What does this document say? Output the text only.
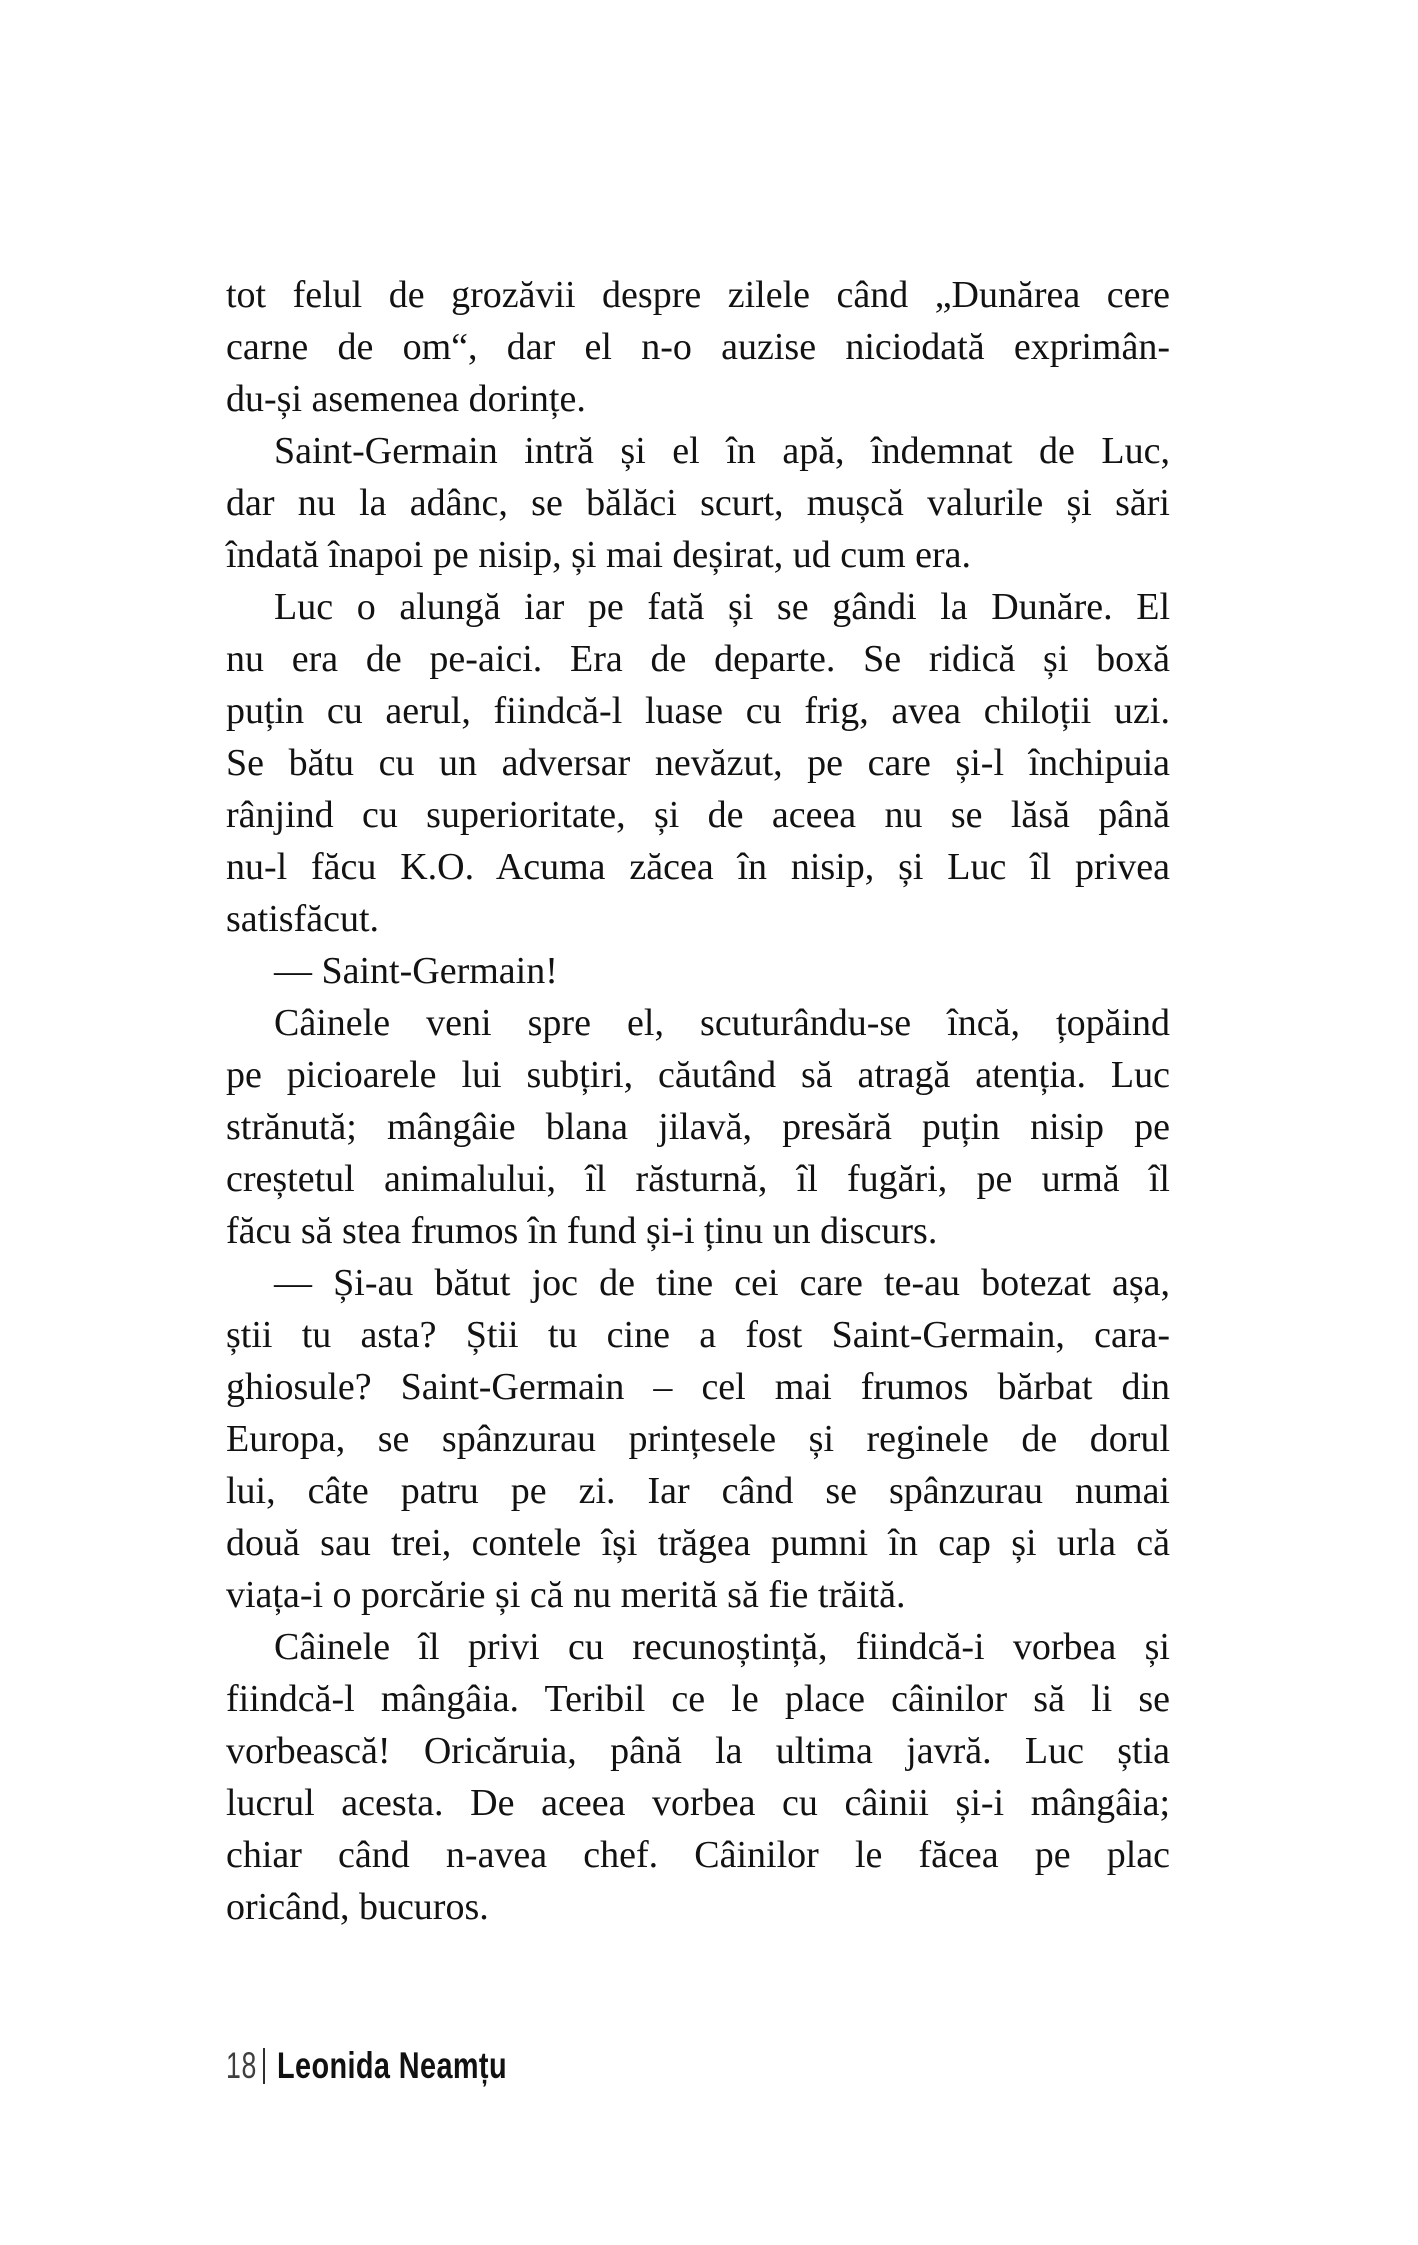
tot felul de grozăvii despre zilele când „Dunărea cere
carne de om“, dar el n-o auzise niciodată exprimân-
du-și asemenea dorințe.
Saint-Germain intră și el în apă, îndemnat de Luc,
dar nu la adânc, se bălăci scurt, mușcă valurile și sări
îndată înapoi pe nisip, și mai deșirat, ud cum era.
Luc o alungă iar pe fată și se gândi la Dunăre. El
nu era de pe-aici. Era de departe. Se ridică și boxă
puțin cu aerul, fiindcă-l luase cu frig, avea chiloții uzi.
Se bătu cu un adversar nevăzut, pe care și-l închipuia
rânjind cu superioritate, și de aceea nu se lăsă până
nu-l făcu K.O. Acuma zăcea în nisip, și Luc îl privea
satisfăcut.
— Saint-Germain!
Câinele veni spre el, scuturându-se încă, țopăind
pe picioarele lui subțiri, căutând să atragă atenția. Luc
strănută; mângâie blana jilavă, presără puțin nisip pe
creștetul animalului, îl răsturnă, îl fugări, pe urmă îl
făcu să stea frumos în fund și-i ținu un discurs.
— Și-au bătut joc de tine cei care te-au botezat așa,
știi tu asta? Știi tu cine a fost Saint-Germain, cara-
ghiosule? Saint-Germain – cel mai frumos bărbat din
Europa, se spânzurau prințesele și reginele de dorul
lui, câte patru pe zi. Iar când se spânzurau numai
două sau trei, contele își trăgea pumni în cap și urla că
viața-i o porcărie și că nu merită să fie trăită.
Câinele îl privi cu recunoștință, fiindcă-i vorbea și
fiindcă-l mângâia. Teribil ce le place câinilor să li se
vorbească! Oricăruia, până la ultima javră. Luc știa
lucrul acesta. De aceea vorbea cu câinii și-i mângâia;
chiar când n-avea chef. Câinilor le făcea pe plac
oricând, bucuros.
18 Leonida Neamțu
